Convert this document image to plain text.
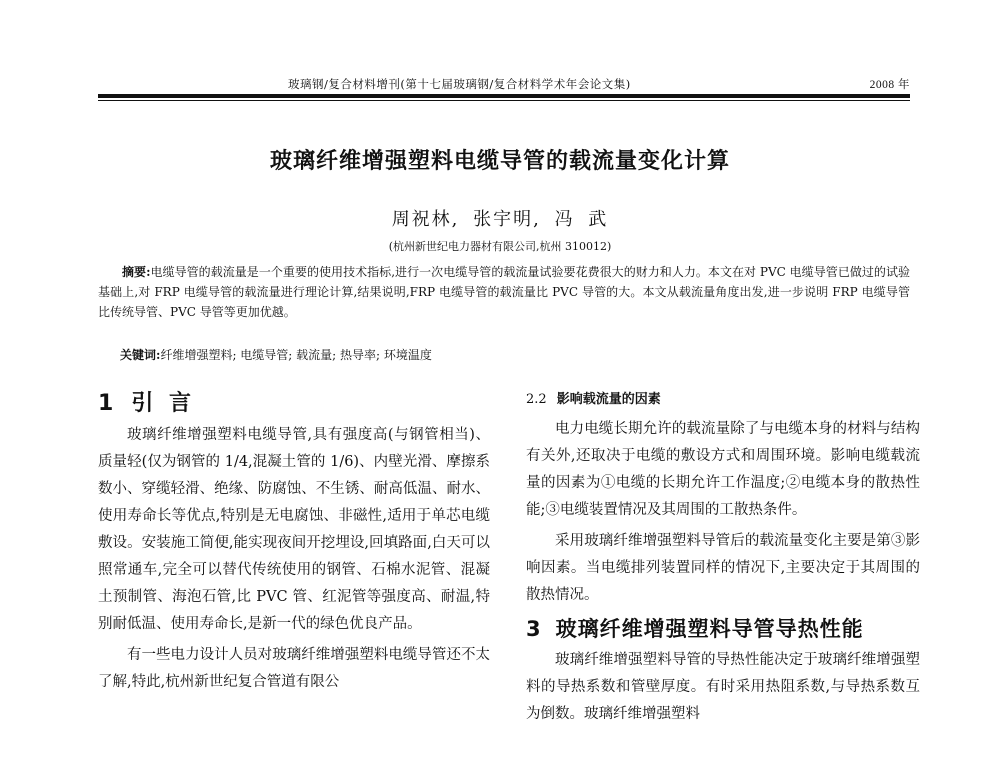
玻璃钢/复合材料增刊(第十七届玻璃钢/复合材料学术年会论文集)	2008 年
玻璃纤维增强塑料电缆导管的载流量变化计算
周祝林, 张宇明, 冯 武
(杭州新世纪电力器材有限公司,杭州 310012)

摘要:电缆导管的载流量是一个重要的使用技术指标,进行一次电缆导管的载流量试验要花费很大的财力和人力。本文在对 PVC 电缆导管已做过的试验基础上,对 FRP 电缆导管的载流量进行理论计算,结果说明,FRP 电缆导管的载流量比 PVC 导管的大。本文从载流量角度出发,进一步说明 FRP 电缆导管比传统导管、PVC 导管等更加优越。

关键词:纤维增强塑料; 电缆导管; 载流量; 热导率; 环境温度

1 引 言

玻璃纤维增强塑料电缆导管,具有强度高(与钢管相当)、质量轻(仅为钢管的 1/4,混凝土管的 1/6)、内壁光滑、摩擦系数小、穿缆轻滑、绝缘、防腐蚀、不生锈、耐高低温、耐水、使用寿命长等优点,特别是无电腐蚀、非磁性,适用于单芯电缆敷设。安装施工简便,能实现夜间开挖埋设,回填路面,白天可以照常通车,完全可以替代传统使用的钢管、石棉水泥管、混凝土预制管、海泡石管,比 PVC 管、红泥管等强度高、耐温,特别耐低温、使用寿命长,是新一代的绿色优良产品。

有一些电力设计人员对玻璃纤维增强塑料电缆导管还不太了解,特此,杭州新世纪复合管道有限公

2.2 影响载流量的因素

电力电缆长期允许的载流量除了与电缆本身的材料与结构有关外,还取决于电缆的敷设方式和周围环境。影响电缆载流量的因素为①电缆的长期允许工作温度;②电缆本身的散热性能;③电缆装置情况及其周围的工散热条件。

采用玻璃纤维增强塑料导管后的载流量变化主要是第③影响因素。当电缆排列装置同样的情况下,主要决定于其周围的散热情况。

3 玻璃纤维增强塑料导管导热性能

玻璃纤维增强塑料导管的导热性能决定于玻璃纤维增强塑料的导热系数和管壁厚度。有时采用热阻系数,与导热系数互为倒数。玻璃纤维增强塑料
